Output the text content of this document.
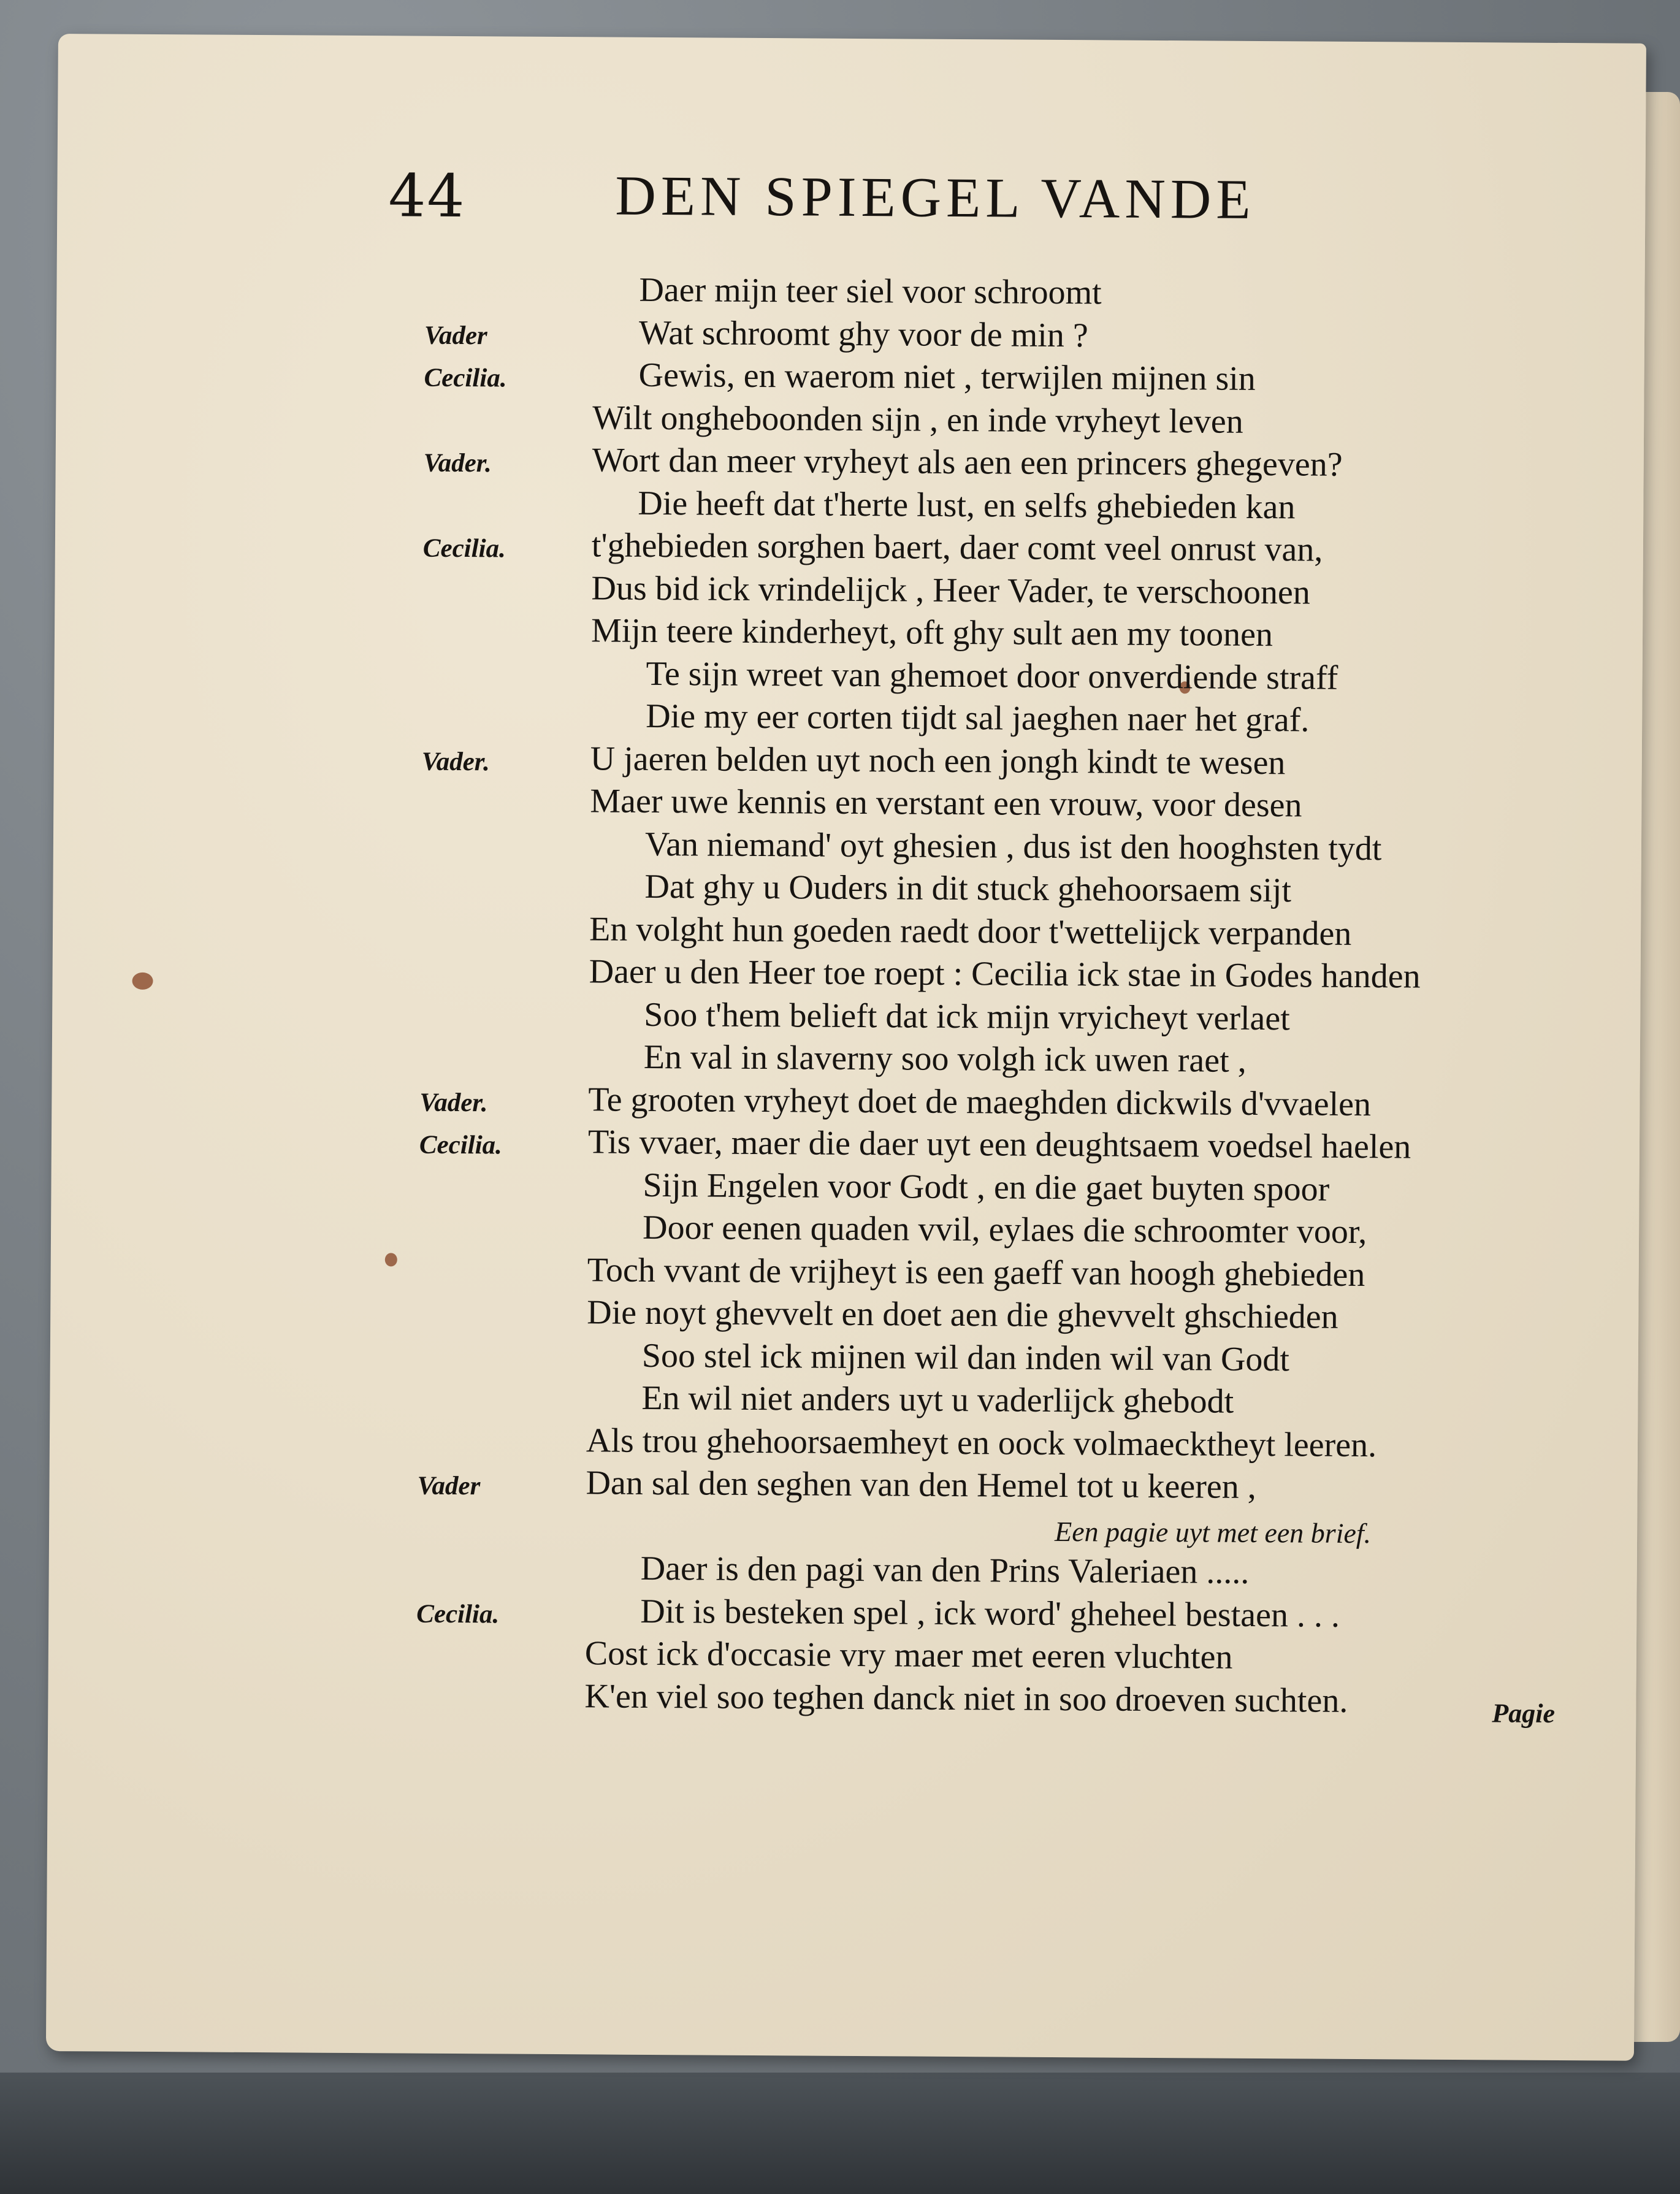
44	DEN SPIEGEL VANDE
Daer mijn teer siel voor schroomt
Vader	Wat schroomt ghy voor de min ?
Cecilia.	Gewis, en waerom niet , terwijlen mijnen sin
Wilt ongheboonden sijn , en inde vryheyt leven
Vader.	Wort dan meer vryheyt als aen een princers ghegeven?
Die heeft dat t'herte lust, en selfs ghebieden kan
Cecilia.	t'ghebieden sorghen baert, daer comt veel onrust van,
Dus bid ick vrindelijck , Heer Vader, te verschoonen
Mijn teere kinderheyt, oft ghy sult aen my toonen
Te sijn wreet van ghemoet door onverdiende straff
Die my eer corten tijdt sal jaeghen naer het graf.
Vader.	U jaeren belden uyt noch een jongh kindt te wesen
Maer uwe kennis en verstant een vrouw, voor desen
Van niemand' oyt ghesien , dus ist den hooghsten tydt
Dat ghy u Ouders in dit stuck ghehoorsaem sijt
En volght hun goeden raedt door t'wettelijck verpanden
Daer u den Heer toe roept : Cecilia ick stae in Godes handen
Soo t'hem belieft dat ick mijn vryicheyt verlaet
En val in slaverny soo volgh ick uwen raet ,
Vader.	Te grooten vryheyt doet de maeghden dickwils d'vvaelen
Cecilia.	Tis vvaer, maer die daer uyt een deughtsaem voedsel haelen
Sijn Engelen voor Godt , en die gaet buyten spoor
Door eenen quaden vvil, eylaes die schroomter voor,
Toch vvant de vrijheyt is een gaeff van hoogh ghebieden
Die noyt ghevvelt en doet aen die ghevvelt ghschieden
Soo stel ick mijnen wil dan inden wil van Godt
En wil niet anders uyt u vaderlijck ghebodt
Als trou ghehoorsaemheyt en oock volmaecktheyt leeren.
Vader	Dan sal den seghen van den Hemel tot u keeren ,
Een pagie uyt met een brief.
Daer is den pagi van den Prins Valeriaen .....
Cecilia.	Dit is besteken spel , ick word' gheheel bestaen . . .
Cost ick d'occasie vry maer met eeren vluchten
K'en viel soo teghen danck niet in soo droeven suchten.	Pagie
